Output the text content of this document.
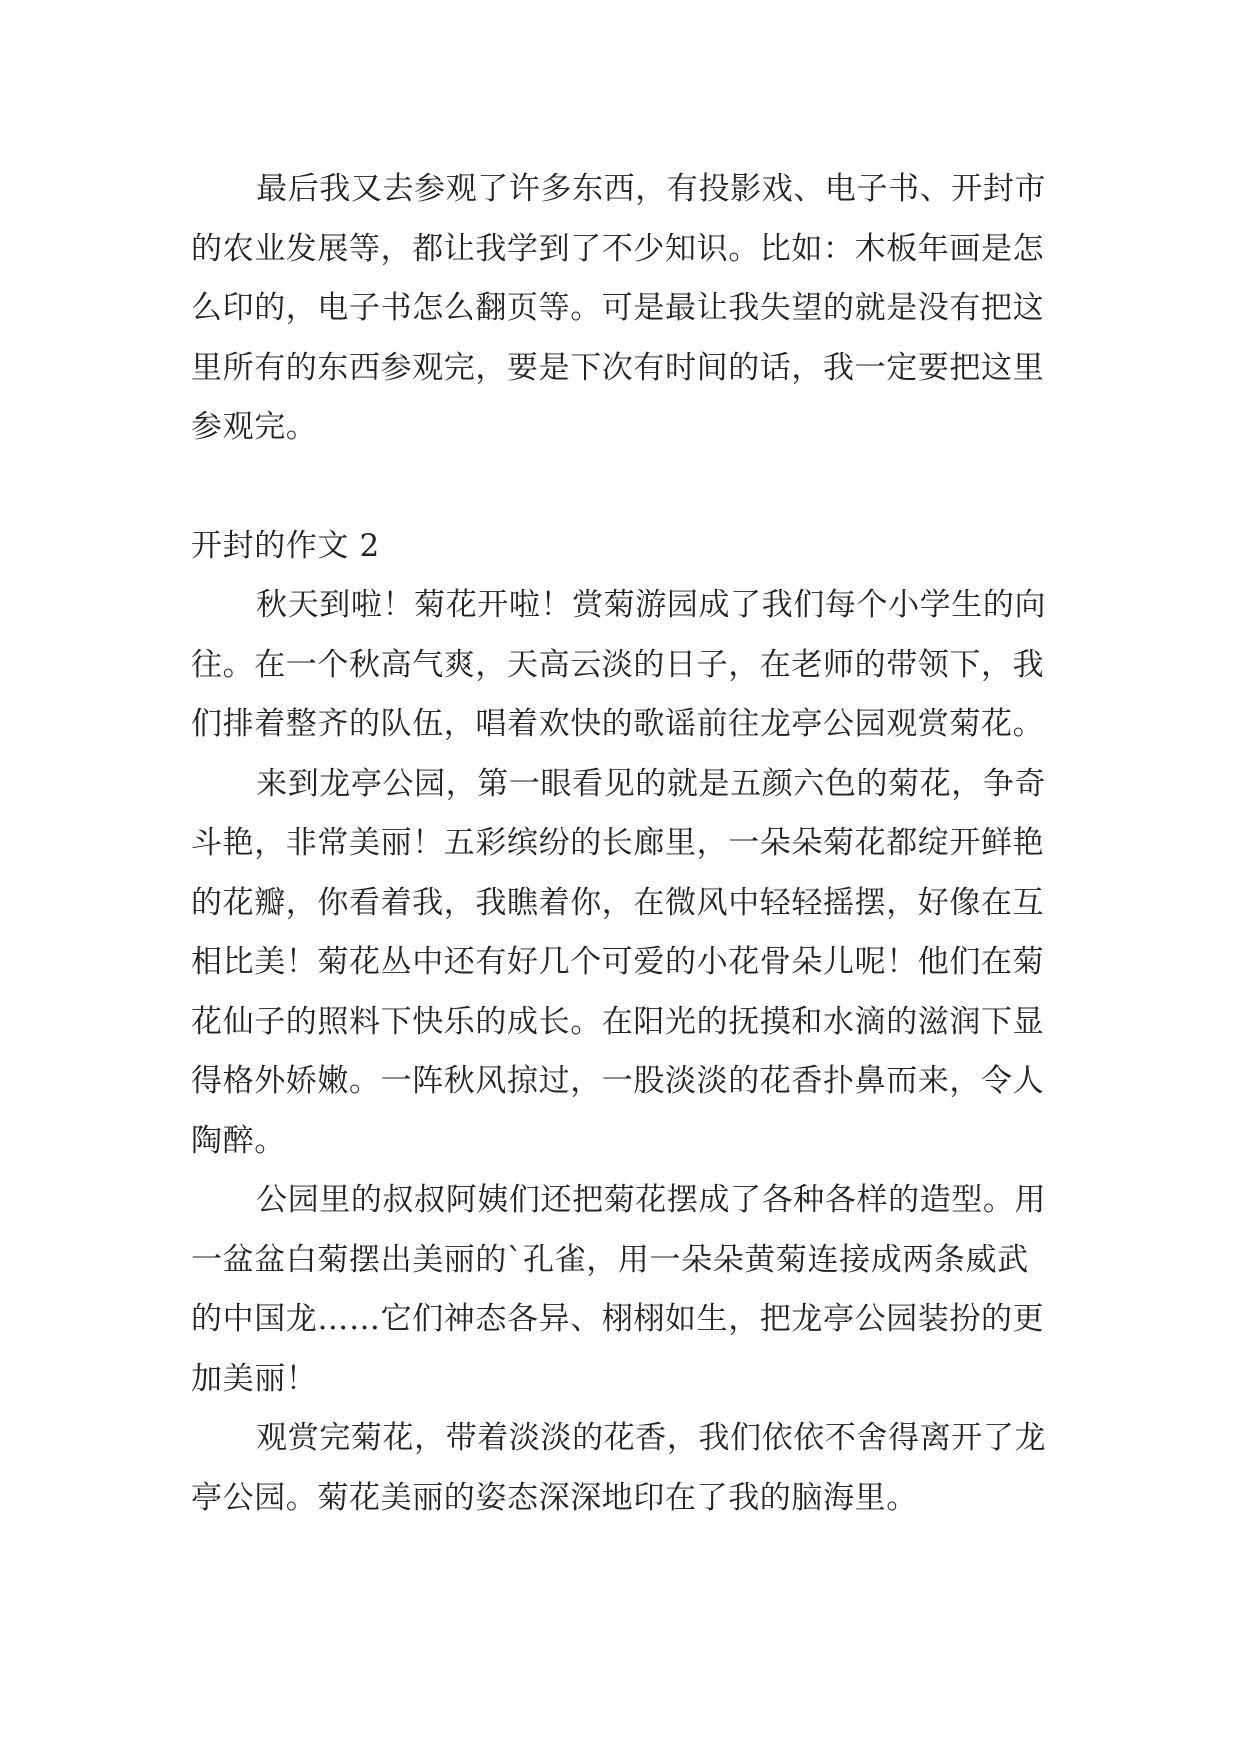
最后我又去参观了许多东西，有投影戏、电子书、开封市的农业发展等，都让我学到了不少知识。比如：木板年画是怎么印的，电子书怎么翻页等。可是最让我失望的就是没有把这里所有的东西参观完，要是下次有时间的话，我一定要把这里参观完。

开封的作文 2

秋天到啦！菊花开啦！赏菊游园成了我们每个小学生的向往。在一个秋高气爽，天高云淡的日子，在老师的带领下，我们排着整齐的队伍，唱着欢快的歌谣前往龙亭公园观赏菊花。

来到龙亭公园，第一眼看见的就是五颜六色的菊花，争奇斗艳，非常美丽！五彩缤纷的长廊里，一朵朵菊花都绽开鲜艳的花瓣，你看着我，我瞧着你，在微风中轻轻摇摆，好像在互相比美！菊花丛中还有好几个可爱的小花骨朵儿呢！他们在菊花仙子的照料下快乐的成长。在阳光的抚摸和水滴的滋润下显得格外娇嫩。一阵秋风掠过，一股淡淡的花香扑鼻而来，令人陶醉。

公园里的叔叔阿姨们还把菊花摆成了各种各样的造型。用一盆盆白菊摆出美丽的`孔雀，用一朵朵黄菊连接成两条威武的中国龙……它们神态各异、栩栩如生，把龙亭公园装扮的更加美丽！

观赏完菊花，带着淡淡的花香，我们依依不舍得离开了龙亭公园。菊花美丽的姿态深深地印在了我的脑海里。
